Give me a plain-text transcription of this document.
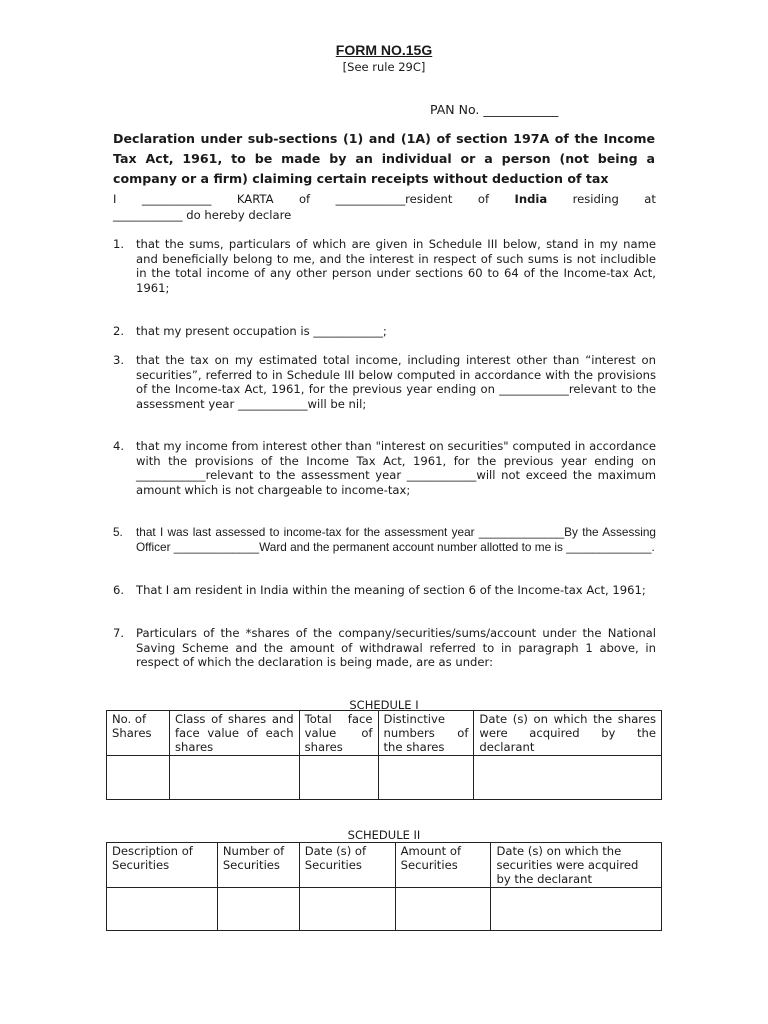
FORM NO.15G
[See rule 29C]
PAN No. ____________
Declaration under sub-sections (1) and (1A) of section 197A of the Income Tax Act, 1961, to be made by an individual or a person (not being a company or a firm) claiming certain receipts without deduction of tax
I ____________ KARTA of ____________resident of India residing at
____________ do hereby declare
1. that the sums, particulars of which are given in Schedule III below, stand in my name and beneficially belong to me, and the interest in respect of such sums is not includible in the total income of any other person under sections 60 to 64 of the Income-tax Act, 1961;
2. that my present occupation is ____________;
3. that the tax on my estimated total income, including interest other than “interest on securities”, referred to in Schedule III below computed in accordance with the provisions of the Income-tax Act, 1961, for the previous year ending on ____________relevant to the assessment year ____________will be nil;
4. that my income from interest other than "interest on securities" computed in accordance with the provisions of the Income Tax Act, 1961, for the previous year ending on ____________relevant to the assessment year ____________will not exceed the maximum amount which is not chargeable to income-tax;
5. that I was last assessed to income-tax for the assessment year _____________By the Assessing Officer _____________Ward and the permanent account number allotted to me is _____________.
6. That I am resident in India within the meaning of section 6 of the Income-tax Act, 1961;
7. Particulars of the *shares of the company/securities/sums/account under the National Saving Scheme and the amount of withdrawal referred to in paragraph 1 above, in respect of which the declaration is being made, are as under:
SCHEDULE I
No. of Shares	Class of shares and face value of each shares	Total face value of shares	Distinctive numbers of the shares	Date (s) on which the shares were acquired by the declarant

SCHEDULE II
Description of Securities	Number of Securities	Date (s) of Securities	Amount of Securities	Date (s) on which the securities were acquired by the declarant
